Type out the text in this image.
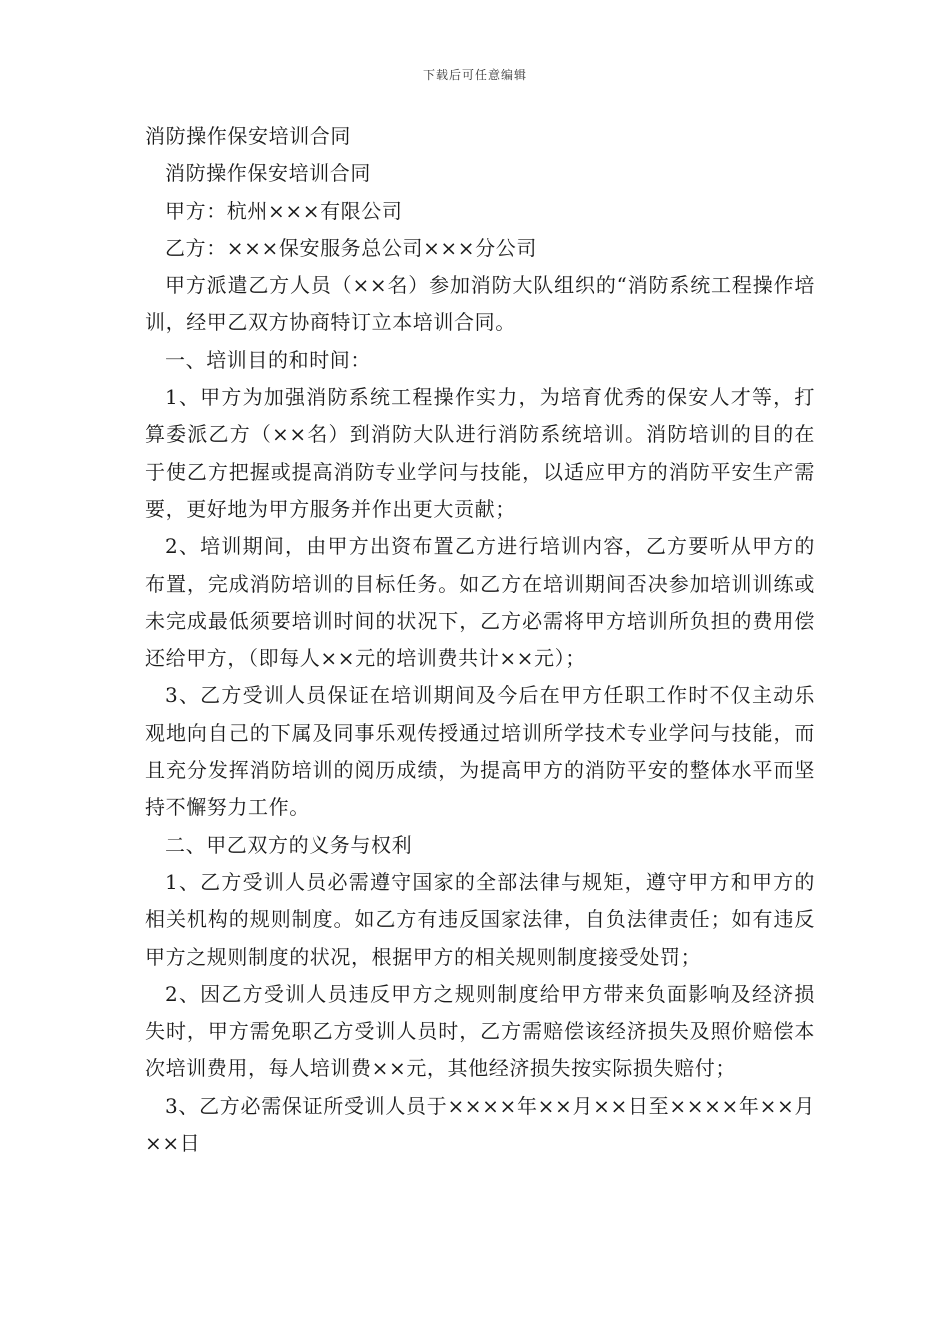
下载后可任意编辑

消防操作保安培训合同

消防操作保安培训合同

甲方：杭州×××有限公司

乙方：×××保安服务总公司×××分公司

甲方派遣乙方人员（××名）参加消防大队组织的“消防系统工程操作培训，经甲乙双方协商特订立本培训合同。

一、培训目的和时间：

1、甲方为加强消防系统工程操作实力，为培育优秀的保安人才等，打算委派乙方（××名）到消防大队进行消防系统培训。消防培训的目的在于使乙方把握或提高消防专业学问与技能，以适应甲方的消防平安生产需要，更好地为甲方服务并作出更大贡献；

2、培训期间，由甲方出资布置乙方进行培训内容，乙方要听从甲方的布置，完成消防培训的目标任务。如乙方在培训期间否决参加培训训练或未完成最低须要培训时间的状况下，乙方必需将甲方培训所负担的费用偿还给甲方，（即每人××元的培训费共计××元）；

3、乙方受训人员保证在培训期间及今后在甲方任职工作时不仅主动乐观地向自己的下属及同事乐观传授通过培训所学技术专业学问与技能，而且充分发挥消防培训的阅历成绩，为提高甲方的消防平安的整体水平而坚持不懈努力工作。

二、甲乙双方的义务与权利

1、乙方受训人员必需遵守国家的全部法律与规矩，遵守甲方和甲方的相关机构的规则制度。如乙方有违反国家法律，自负法律责任；如有违反甲方之规则制度的状况，根据甲方的相关规则制度接受处罚；

2、因乙方受训人员违反甲方之规则制度给甲方带来负面影响及经济损失时，甲方需免职乙方受训人员时，乙方需赔偿该经济损失及照价赔偿本次培训费用，每人培训费××元，其他经济损失按实际损失赔付；

3、乙方必需保证所受训人员于××××年××月××日至××××年××月××日
